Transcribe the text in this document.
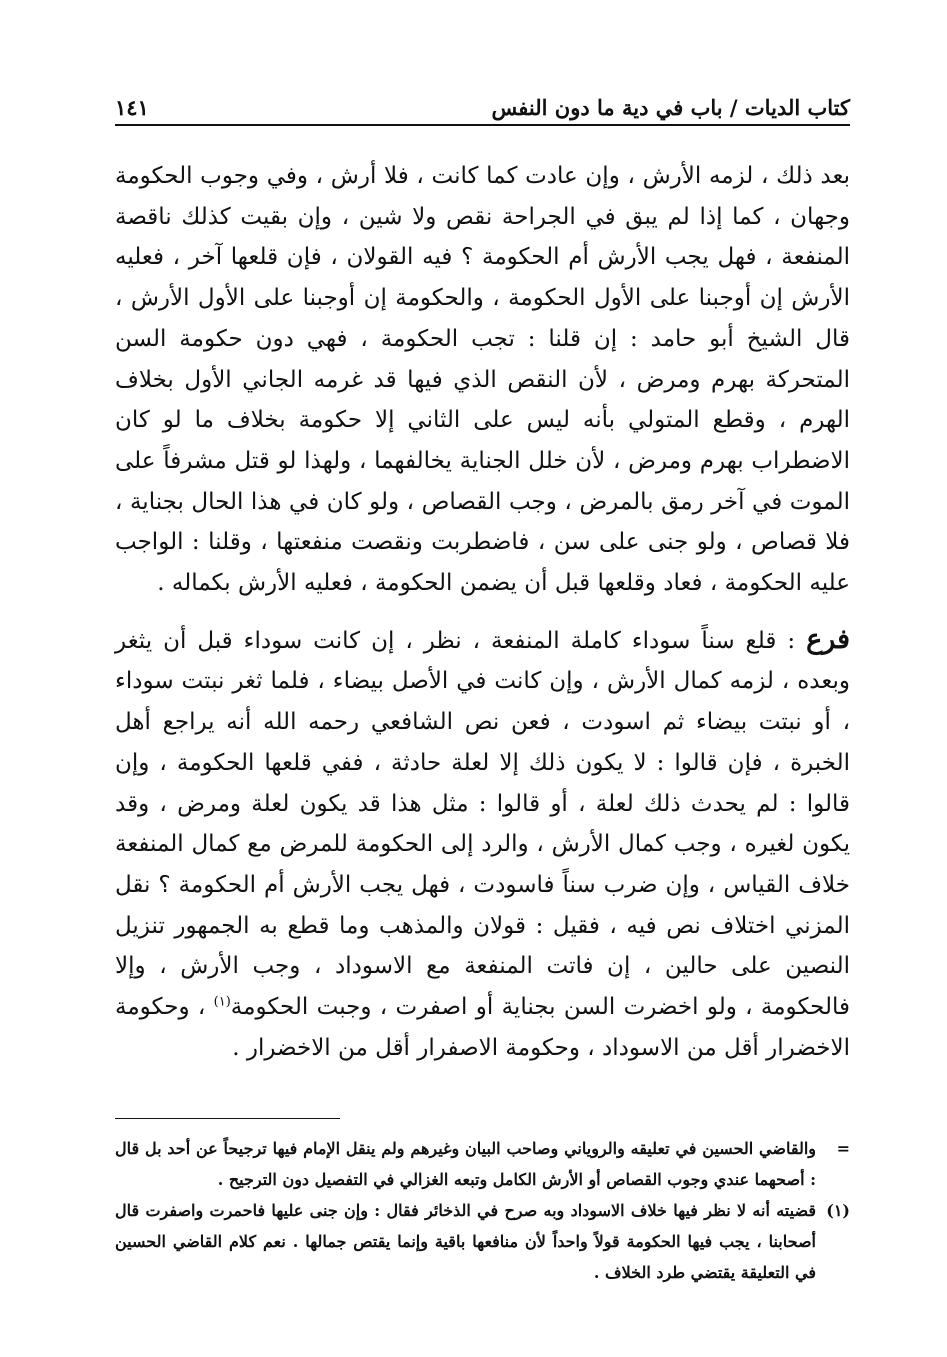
كتاب الديات / باب في دية ما دون النفس
١٤١

بعد ذلك ، لزمه الأرش ، وإن عادت كما كانت ، فلا أرش ، وفي وجوب الحكومة وجهان ، كما إذا لم يبق في الجراحة نقص ولا شين ، وإن بقيت كذلك ناقصة المنفعة ، فهل يجب الأرش أم الحكومة ؟ فيه القولان ، فإن قلعها آخر ، فعليه الأرش إن أوجبنا على الأول الحكومة ، والحكومة إن أوجبنا على الأول الأرش ، قال الشيخ أبو حامد : إن قلنا : تجب الحكومة ، فهي دون حكومة السن المتحركة بهرم ومرض ، لأن النقص الذي فيها قد غرمه الجاني الأول بخلاف الهرم ، وقطع المتولي بأنه ليس على الثاني إلا حكومة بخلاف ما لو كان الاضطراب بهرم ومرض ، لأن خلل الجناية يخالفهما ، ولهذا لو قتل مشرفاً على الموت في آخر رمق بالمرض ، وجب القصاص ، ولو كان في هذا الحال بجناية ، فلا قصاص ، ولو جنى على سن ، فاضطربت ونقصت منفعتها ، وقلنا : الواجب عليه الحكومة ، فعاد وقلعها قبل أن يضمن الحكومة ، فعليه الأرش بكماله .

فرع : قلع سناً سوداء كاملة المنفعة ، نظر ، إن كانت سوداء قبل أن يثغر وبعده ، لزمه كمال الأرش ، وإن كانت في الأصل بيضاء ، فلما ثغر نبتت سوداء ، أو نبتت بيضاء ثم اسودت ، فعن نص الشافعي رحمه الله أنه يراجع أهل الخبرة ، فإن قالوا : لا يكون ذلك إلا لعلة حادثة ، ففي قلعها الحكومة ، وإن قالوا : لم يحدث ذلك لعلة ، أو قالوا : مثل هذا قد يكون لعلة ومرض ، وقد يكون لغيره ، وجب كمال الأرش ، والرد إلى الحكومة للمرض مع كمال المنفعة خلاف القياس ، وإن ضرب سناً فاسودت ، فهل يجب الأرش أم الحكومة ؟ نقل المزني اختلاف نص فيه ، فقيل : قولان والمذهب وما قطع به الجمهور تنزيل النصين على حالين ، إن فاتت المنفعة مع الاسوداد ، وجب الأرش ، وإلا فالحكومة ، ولو اخضرت السن بجناية أو اصفرت ، وجبت الحكومة$^{(١)}$ ، وحكومة الاخضرار أقل من الاسوداد ، وحكومة الاصفرار أقل من الاخضرار .

=
والقاضي الحسين في تعليقه والروياني وصاحب البيان وغيرهم ولم ينقل الإمام فيها ترجيحاً عن أحد بل قال : أصحهما عندي وجوب القصاص أو الأرش الكامل وتبعه الغزالي في التفصيل دون الترجيح .

(١)
قضيته أنه لا نظر فيها خلاف الاسوداد وبه صرح في الذخائر فقال : وإن جنى عليها فاحمرت واصفرت قال أصحابنا ، يجب فيها الحكومة قولاً واحداً لأن منافعها باقية وإنما يقتص جمالها . نعم كلام القاضي الحسين في التعليقة يقتضي طرد الخلاف .
